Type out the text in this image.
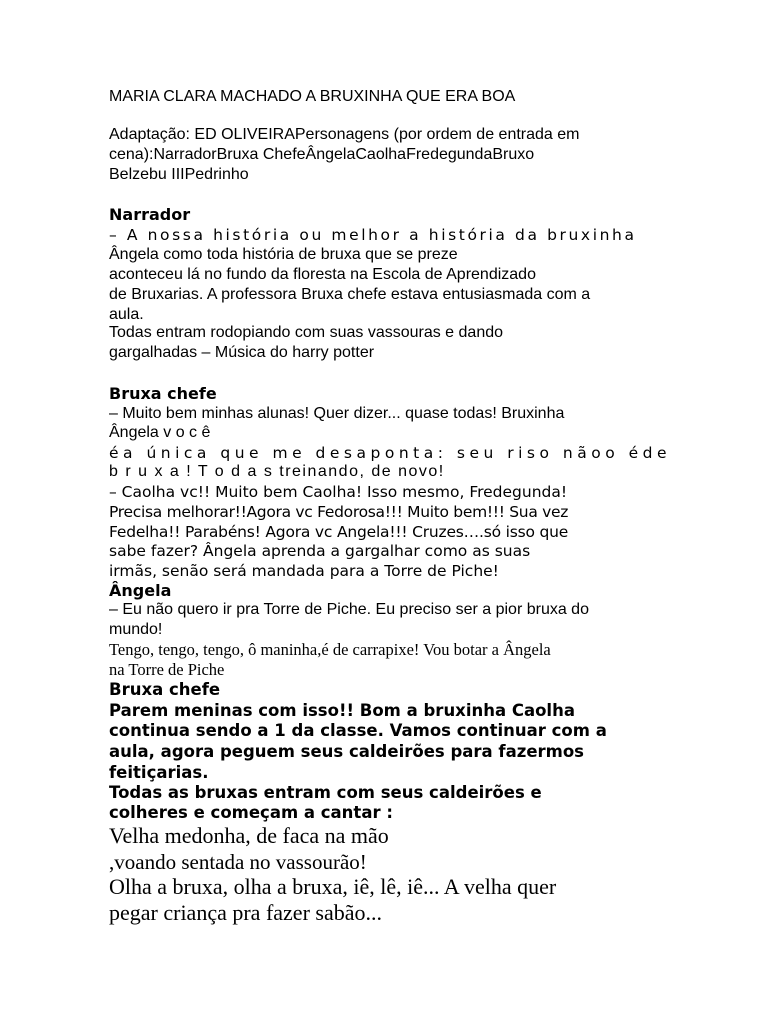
MARIA CLARA MACHADO A BRUXINHA QUE ERA BOA

Adaptação: ED OLIVEIRAPersonagens (por ordem de entrada em

cena):NarradorBruxa ChefeÂngelaCaolhaFredegundaBruxo

Belzebu IIIPedrinho

Narrador

– A nossa história ou melhor a história da bruxinha

Ângela como toda história de bruxa que se preze

aconteceu lá no fundo da floresta na Escola de Aprendizado

de Bruxarias. A professora Bruxa chefe estava entusiasmada com a

aula.

Todas entram rodopiando com suas vassouras e dando

gargalhadas – Música do harry potter

Bruxa chefe

– Muito bem minhas alunas! Quer dizer... quase todas! Bruxinha

Ângela v o c ê

éa única que me desaponta: seu riso nãoo éde

b r u x a ! T o d a s treinando, de novo!

– Caolha vc!! Muito bem Caolha! Isso mesmo, Fredegunda!

Precisa melhorar!!Agora vc Fedorosa!!! Muito bem!!! Sua vez

Fedelha!! Parabéns! Agora vc Angela!!! Cruzes….só isso que

sabe fazer? Ângela aprenda a gargalhar como as suas

irmãs, senão será mandada para a Torre de Piche!

Ângela

– Eu não quero ir pra Torre de Piche. Eu preciso ser a pior bruxa do

mundo!

Tengo, tengo, tengo, ô maninha,é de carrapixe! Vou botar a Ângela

na Torre de Piche

Bruxa chefe

Parem meninas com isso!! Bom a bruxinha Caolha

continua sendo a 1 da classe. Vamos continuar com a

aula, agora peguem seus caldeirões para fazermos

feitiçarias.

Todas as bruxas entram com seus caldeirões e

colheres e começam a cantar :

Velha medonha, de faca na mão

,voando sentada no vassourão!

Olha a bruxa, olha a bruxa, iê, lê, iê... A velha quer

pegar criança pra fazer sabão...
